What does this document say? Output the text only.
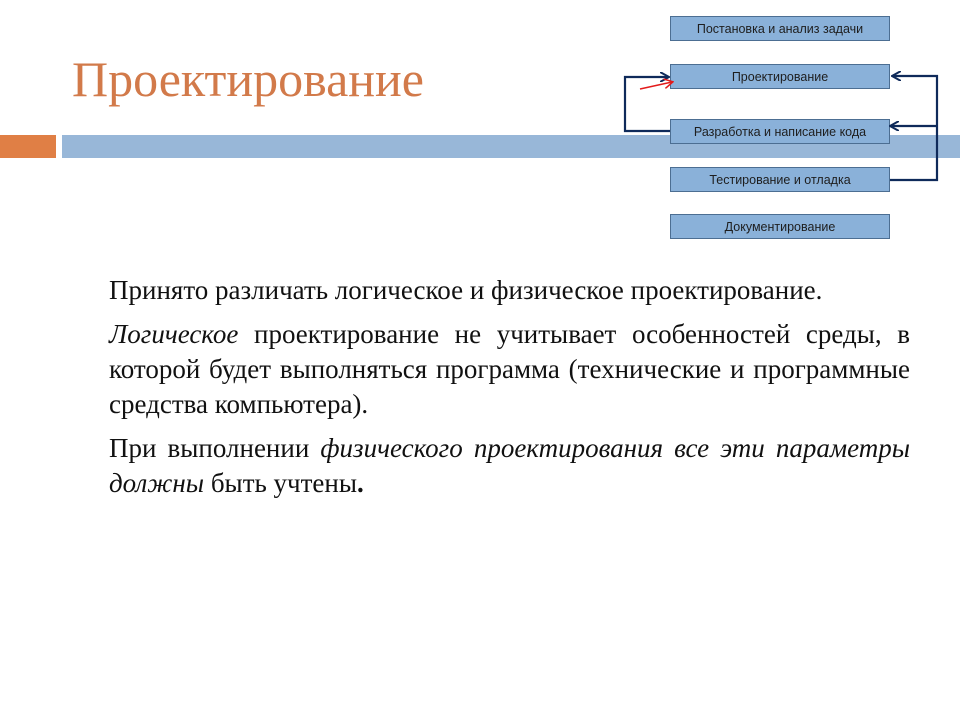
Проектирование
Постановка и анализ задачи
Проектирование
Разработка и написание кода
Тестирование и отладка
Документирование

Принято различать логическое и физическое проектирование.

Логическое проектирование не учитывает особенностей среды, в которой будет выполняться программа (технические и программные средства компьютера).

При выполнении физического проектирования все эти параметры должны быть учтены.
